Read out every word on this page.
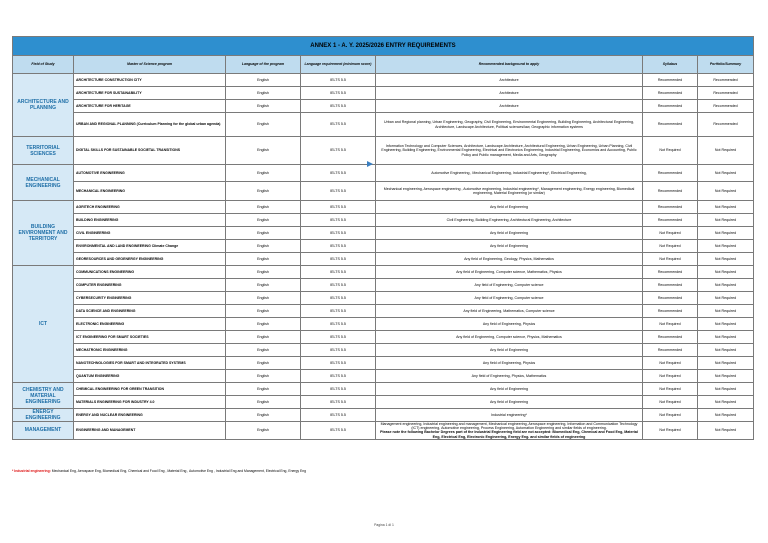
ANNEX 1 - A. Y. 2025/2026 ENTRY REQUIREMENTS						
Field of Study	Master of Science program	Language of the program	Language requirement (minimum score)	Recommended background to apply	Syllabus	Portfolio/Summary
ARCHITECTURE AND PLANNING	ARCHITECTURE CONSTRUCTION CITY	English	IELTS 5.5	Architecture	Recommended	Recommended
	ARCHITECTURE FOR SUSTAINABILITY	English	IELTS 5.5	Architecture	Recommended	Recommended
	ARCHITECTURE FOR HERITAGE	English	IELTS 5.5	Architecture	Recommended	Recommended
	URBAN AND REGIONAL PLANNING (Curriculum Planning for the global urban agenda)	English	IELTS 5.5	Urban and Regional planning, Urban Engineering, Geography, Civil Engineering, Environmental Engineering, Building Engineering, Architectural Engineering, Architecture, Landscape Architecture, Political sciences/law, Geographic information systems	Recommended	Recommended
TERRITORIAL SCIENCES	DIGITAL SKILLS FOR SUSTAINABLE SOCIETAL TRANSITIONS	English	IELTS 5.5	Information Technology and Computer Sciences, Architecture, Landscape Architecture, Architectural Engineering, Urban Engineering, Urban Planning, Civil Engineering, Building Engineering, Environmental Engineering, Electrical and Electronics Engineering, Industrial Engineering, Economics and Accounting, Public Policy and Public management, Media and Arts, Geography	Not Required	Not Required
MECHANICAL ENGINEERING	AUTOMOTIVE ENGINEERING	English	IELTS 5.5	Automotive Engineering , Mechanical Engineering, Industrial Engineering*, Electrical Engineering,	Recommended	Not Required
	MECHANICAL ENGINEERING	English	IELTS 5.5	Mechanical engineering, Aerospace engineering , Automotive engineering, Industrial engineering*, Management engineering, Energy engineering, Biomedical engineering, Material Engineering (or similar)	Recommended	Not Required
BUILDING ENVIRONMENT AND TERRITORY	AGRITECH ENGINEERING	English	IELTS 5.5	Any field of Engineering	Recommended	Not Required
	BUILDING ENGINEERING	English	IELTS 5.5	Civil Engineering, Building Engineering, Architectural Engineering, Architecture	Recommended	Not Required
	CIVIL ENGINEERING	English	IELTS 5.5	Any field of Engineering	Not Required	Not Required
	ENVIRONMENTAL AND LAND ENGINEERING Climate Change	English	IELTS 5.5	Any field of Engineering	Not Required	Not Required
	GEORESOURCES AND GEOENERGY ENGINEERING	English	IELTS 5.5	Any field of Engineering, Geology, Physics, Mathematics	Not Required	Not Required
ICT	COMMUNICATIONS ENGINEERING	English	IELTS 5.5	Any field of Engineering, Computer science, Mathematics, Physics	Recommended	Not Required
	COMPUTER ENGINEERING	English	IELTS 5.5	Any field of Engineering, Computer science	Recommended	Not Required
	CYBERSECURITY ENGINEERING	English	IELTS 5.5	Any field of Engineering, Computer science	Recommended	Not Required
	DATA SCIENCE AND ENGINEERING	English	IELTS 5.5	Any field of Engineering, Mathematics, Computer science	Recommended	Not Required
	ELECTRONIC ENGINEERING	English	IELTS 5.5	Any field of Engineering, Physics	Not Required	Not Required
	ICT ENGINEERING FOR SMART SOCIETIES	English	IELTS 5.5	Any field of Engineering, Computer science, Physics, Mathematics	Recommended	Not Required
	MECHATRONIC ENGINEERING	English	IELTS 5.5	Any field of Engineering	Recommended	Not Required
	NANOTECHNOLOGIES FOR SMART AND INTEGRATED SYSTEMS	English	IELTS 5.5	Any field of Engineering, Physics	Not Required	Not Required
	QUANTUM ENGINEERING	English	IELTS 5.5	Any field of Engineering, Physics, Mathematics	Not Required	Not Required
CHEMISTRY AND MATERIAL ENGINEERING	CHEMICAL ENGINEERING FOR GREEN TRANSITION	English	IELTS 5.5	Any field of Engineering	Not Required	Not Required
	MATERIALS ENGINEERING FOR INDUSTRY 4.0	English	IELTS 5.5	Any field of Engineering	Not Required	Not Required
ENERGY ENGINEERING	ENERGY AND NUCLEAR ENGINEERING	English	IELTS 5.5	Industrial engineering*	Not Required	Not Required
MANAGEMENT	ENGINEERING AND MANAGEMENT	English	IELTS 5.5	Management engineering, Industrial engineering and management, Mechanical engineering, Aerospace engineering, Information and Communication Technology (ICT) engineering, Automotive engineering, Process Engineering, Automation Engineering and similar fields of engineering.
Please note the following Bachelor Degrees part of the Industrial Engineering field are not accepted: Biomedical Eng, Chemical and Food Eng, Material Eng, Electrical Eng, Electronic Engineering, Energy Eng. and similar fields of engineering	Not Required	Not Required
* Industrial engineering: Mechanical Eng, Aerospace Eng, Biomedical Eng, Chemical and Food Eng , Material Eng , Automotive Eng , Industrial Eng and Management, Electrical Eng, Energy Eng
Pagina 1 di 1
